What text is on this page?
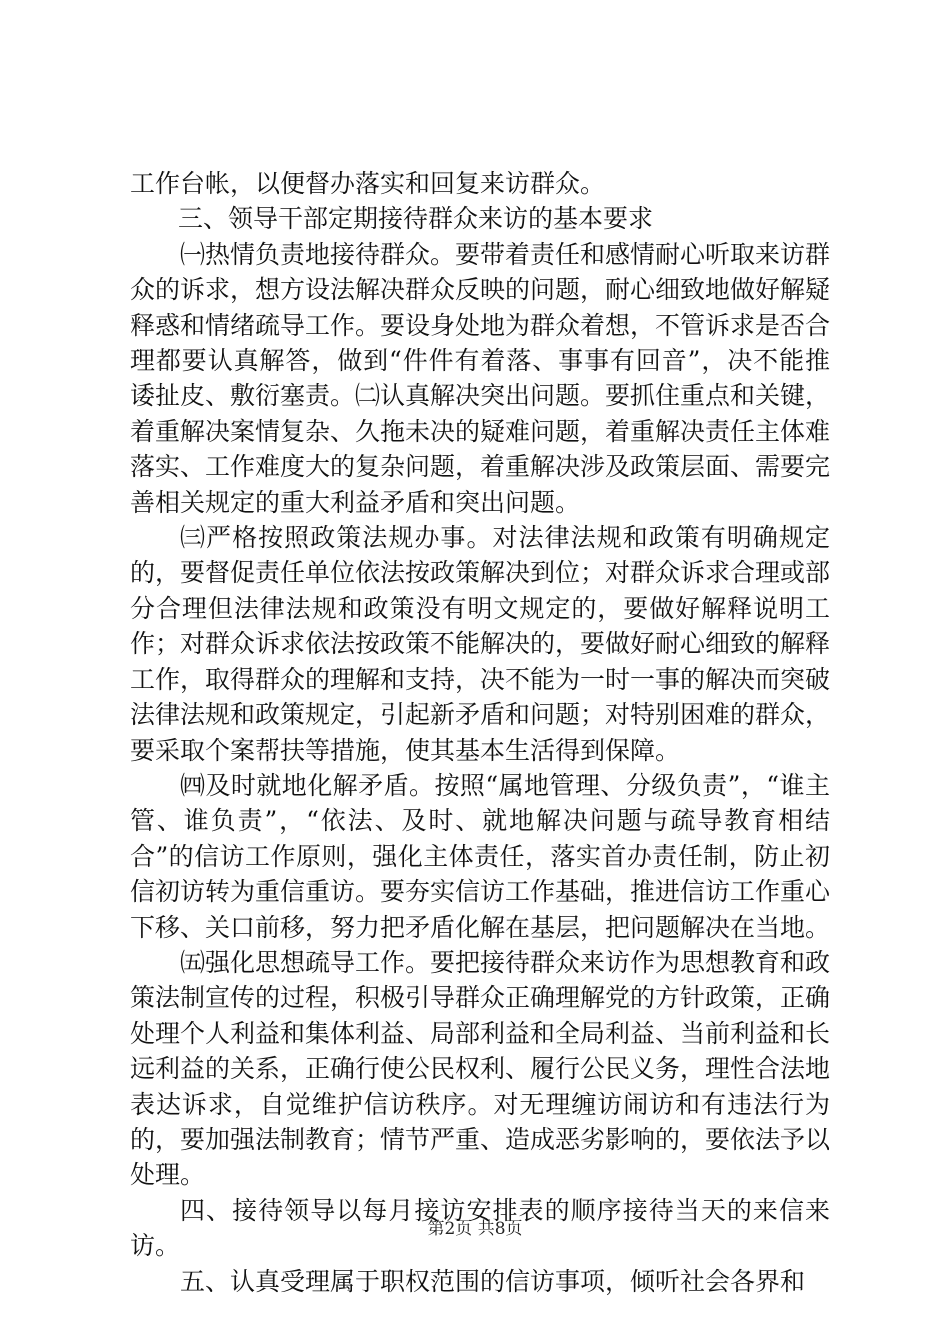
工作台帐，以便督办落实和回复来访群众。

三、领导干部定期接待群众来访的基本要求

㈠热情负责地接待群众。要带着责任和感情耐心听取来访群众的诉求，想方设法解决群众反映的问题，耐心细致地做好解疑释惑和情绪疏导工作。要设身处地为群众着想，不管诉求是否合理都要认真解答，做到“件件有着落、事事有回音”，决不能推诿扯皮、敷衍塞责。㈡认真解决突出问题。要抓住重点和关键，着重解决案情复杂、久拖未决的疑难问题，着重解决责任主体难落实、工作难度大的复杂问题，着重解决涉及政策层面、需要完善相关规定的重大利益矛盾和突出问题。

㈢严格按照政策法规办事。对法律法规和政策有明确规定的，要督促责任单位依法按政策解决到位；对群众诉求合理或部分合理但法律法规和政策没有明文规定的，要做好解释说明工作；对群众诉求依法按政策不能解决的，要做好耐心细致的解释工作，取得群众的理解和支持，决不能为一时一事的解决而突破法律法规和政策规定，引起新矛盾和问题；对特别困难的群众，要采取个案帮扶等措施，使其基本生活得到保障。

㈣及时就地化解矛盾。按照“属地管理、分级负责”，“谁主管、谁负责”，“依法、及时、就地解决问题与疏导教育相结合”的信访工作原则，强化主体责任，落实首办责任制，防止初信初访转为重信重访。要夯实信访工作基础，推进信访工作重心下移、关口前移，努力把矛盾化解在基层，把问题解决在当地。

㈤强化思想疏导工作。要把接待群众来访作为思想教育和政策法制宣传的过程，积极引导群众正确理解党的方针政策，正确处理个人利益和集体利益、局部利益和全局利益、当前利益和长远利益的关系，正确行使公民权利、履行公民义务，理性合法地表达诉求，自觉维护信访秩序。对无理缠访闹访和有违法行为的，要加强法制教育；情节严重、造成恶劣影响的，要依法予以处理。

四、接待领导以每月接访安排表的顺序接待当天的来信来访。

五、认真受理属于职权范围的信访事项，倾听社会各界和

第2页 共8页
